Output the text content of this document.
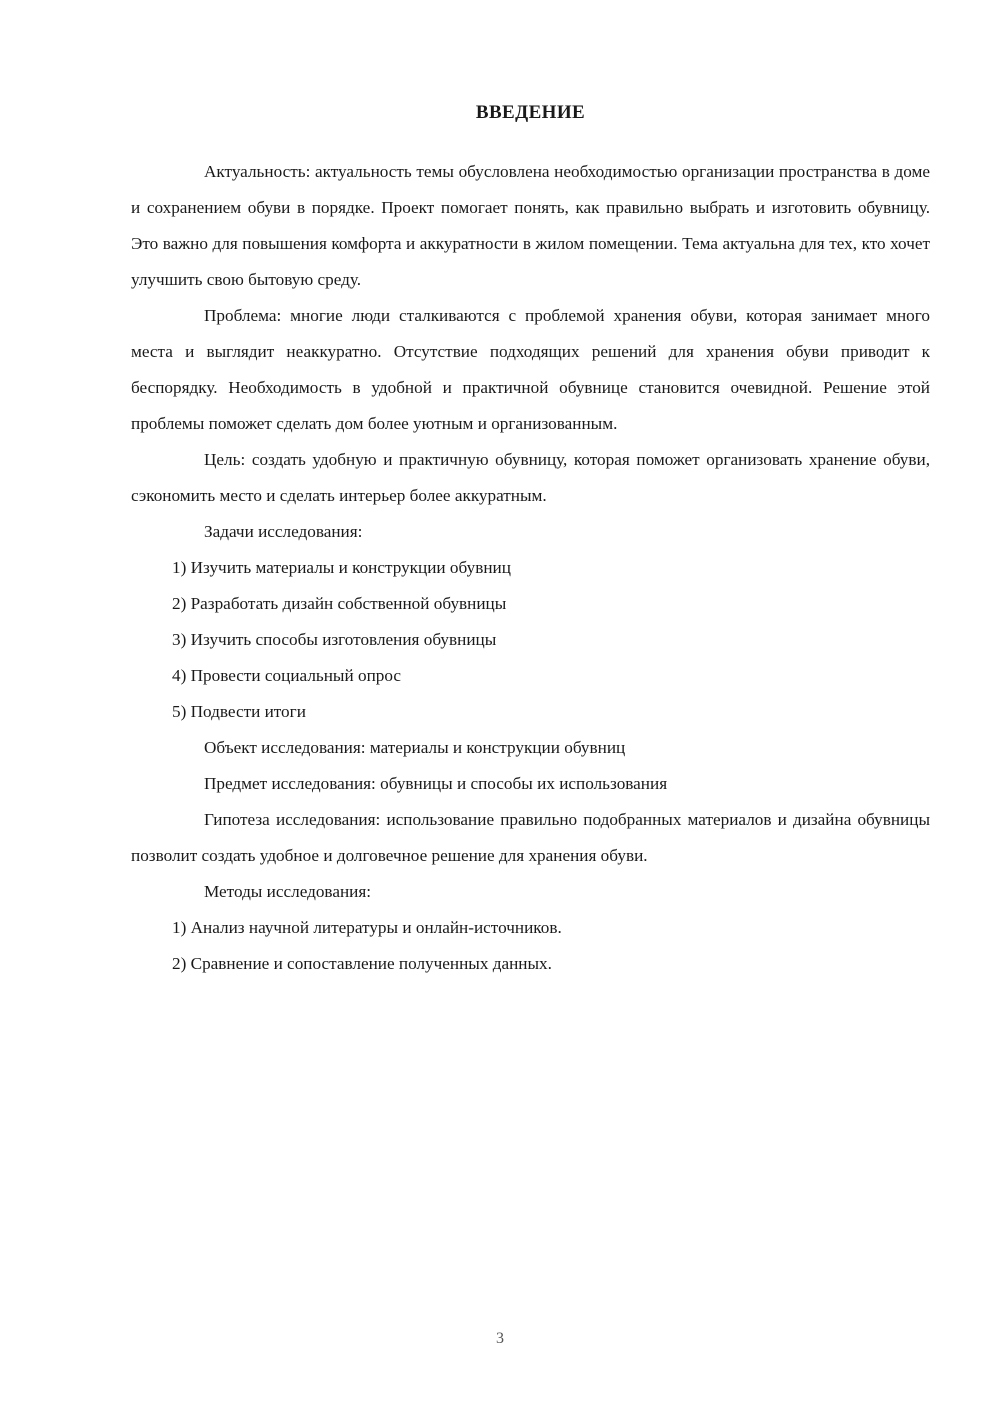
ВВЕДЕНИЕ

Актуальность: актуальность темы обусловлена необходимостью организации пространства в доме и сохранением обуви в порядке. Проект помогает понять, как правильно выбрать и изготовить обувницу. Это важно для повышения комфорта и аккуратности в жилом помещении. Тема актуальна для тех, кто хочет улучшить свою бытовую среду.

Проблема: многие люди сталкиваются с проблемой хранения обуви, которая занимает много места и выглядит неаккуратно. Отсутствие подходящих решений для хранения обуви приводит к беспорядку. Необходимость в удобной и практичной обувнице становится очевидной. Решение этой проблемы поможет сделать дом более уютным и организованным.

Цель: создать удобную и практичную обувницу, которая поможет организовать хранение обуви, сэкономить место и сделать интерьер более аккуратным.

Задачи исследования:

1) Изучить материалы и конструкции обувниц

2) Разработать дизайн собственной обувницы

3) Изучить способы изготовления обувницы

4) Провести социальный опрос

5) Подвести итоги

Объект исследования: материалы и конструкции обувниц

Предмет исследования: обувницы и способы их использования

Гипотеза исследования: использование правильно подобранных материалов и дизайна обувницы позволит создать удобное и долговечное решение для хранения обуви.

Методы исследования:

1) Анализ научной литературы и онлайн-источников.

2) Сравнение и сопоставление полученных данных.

3
